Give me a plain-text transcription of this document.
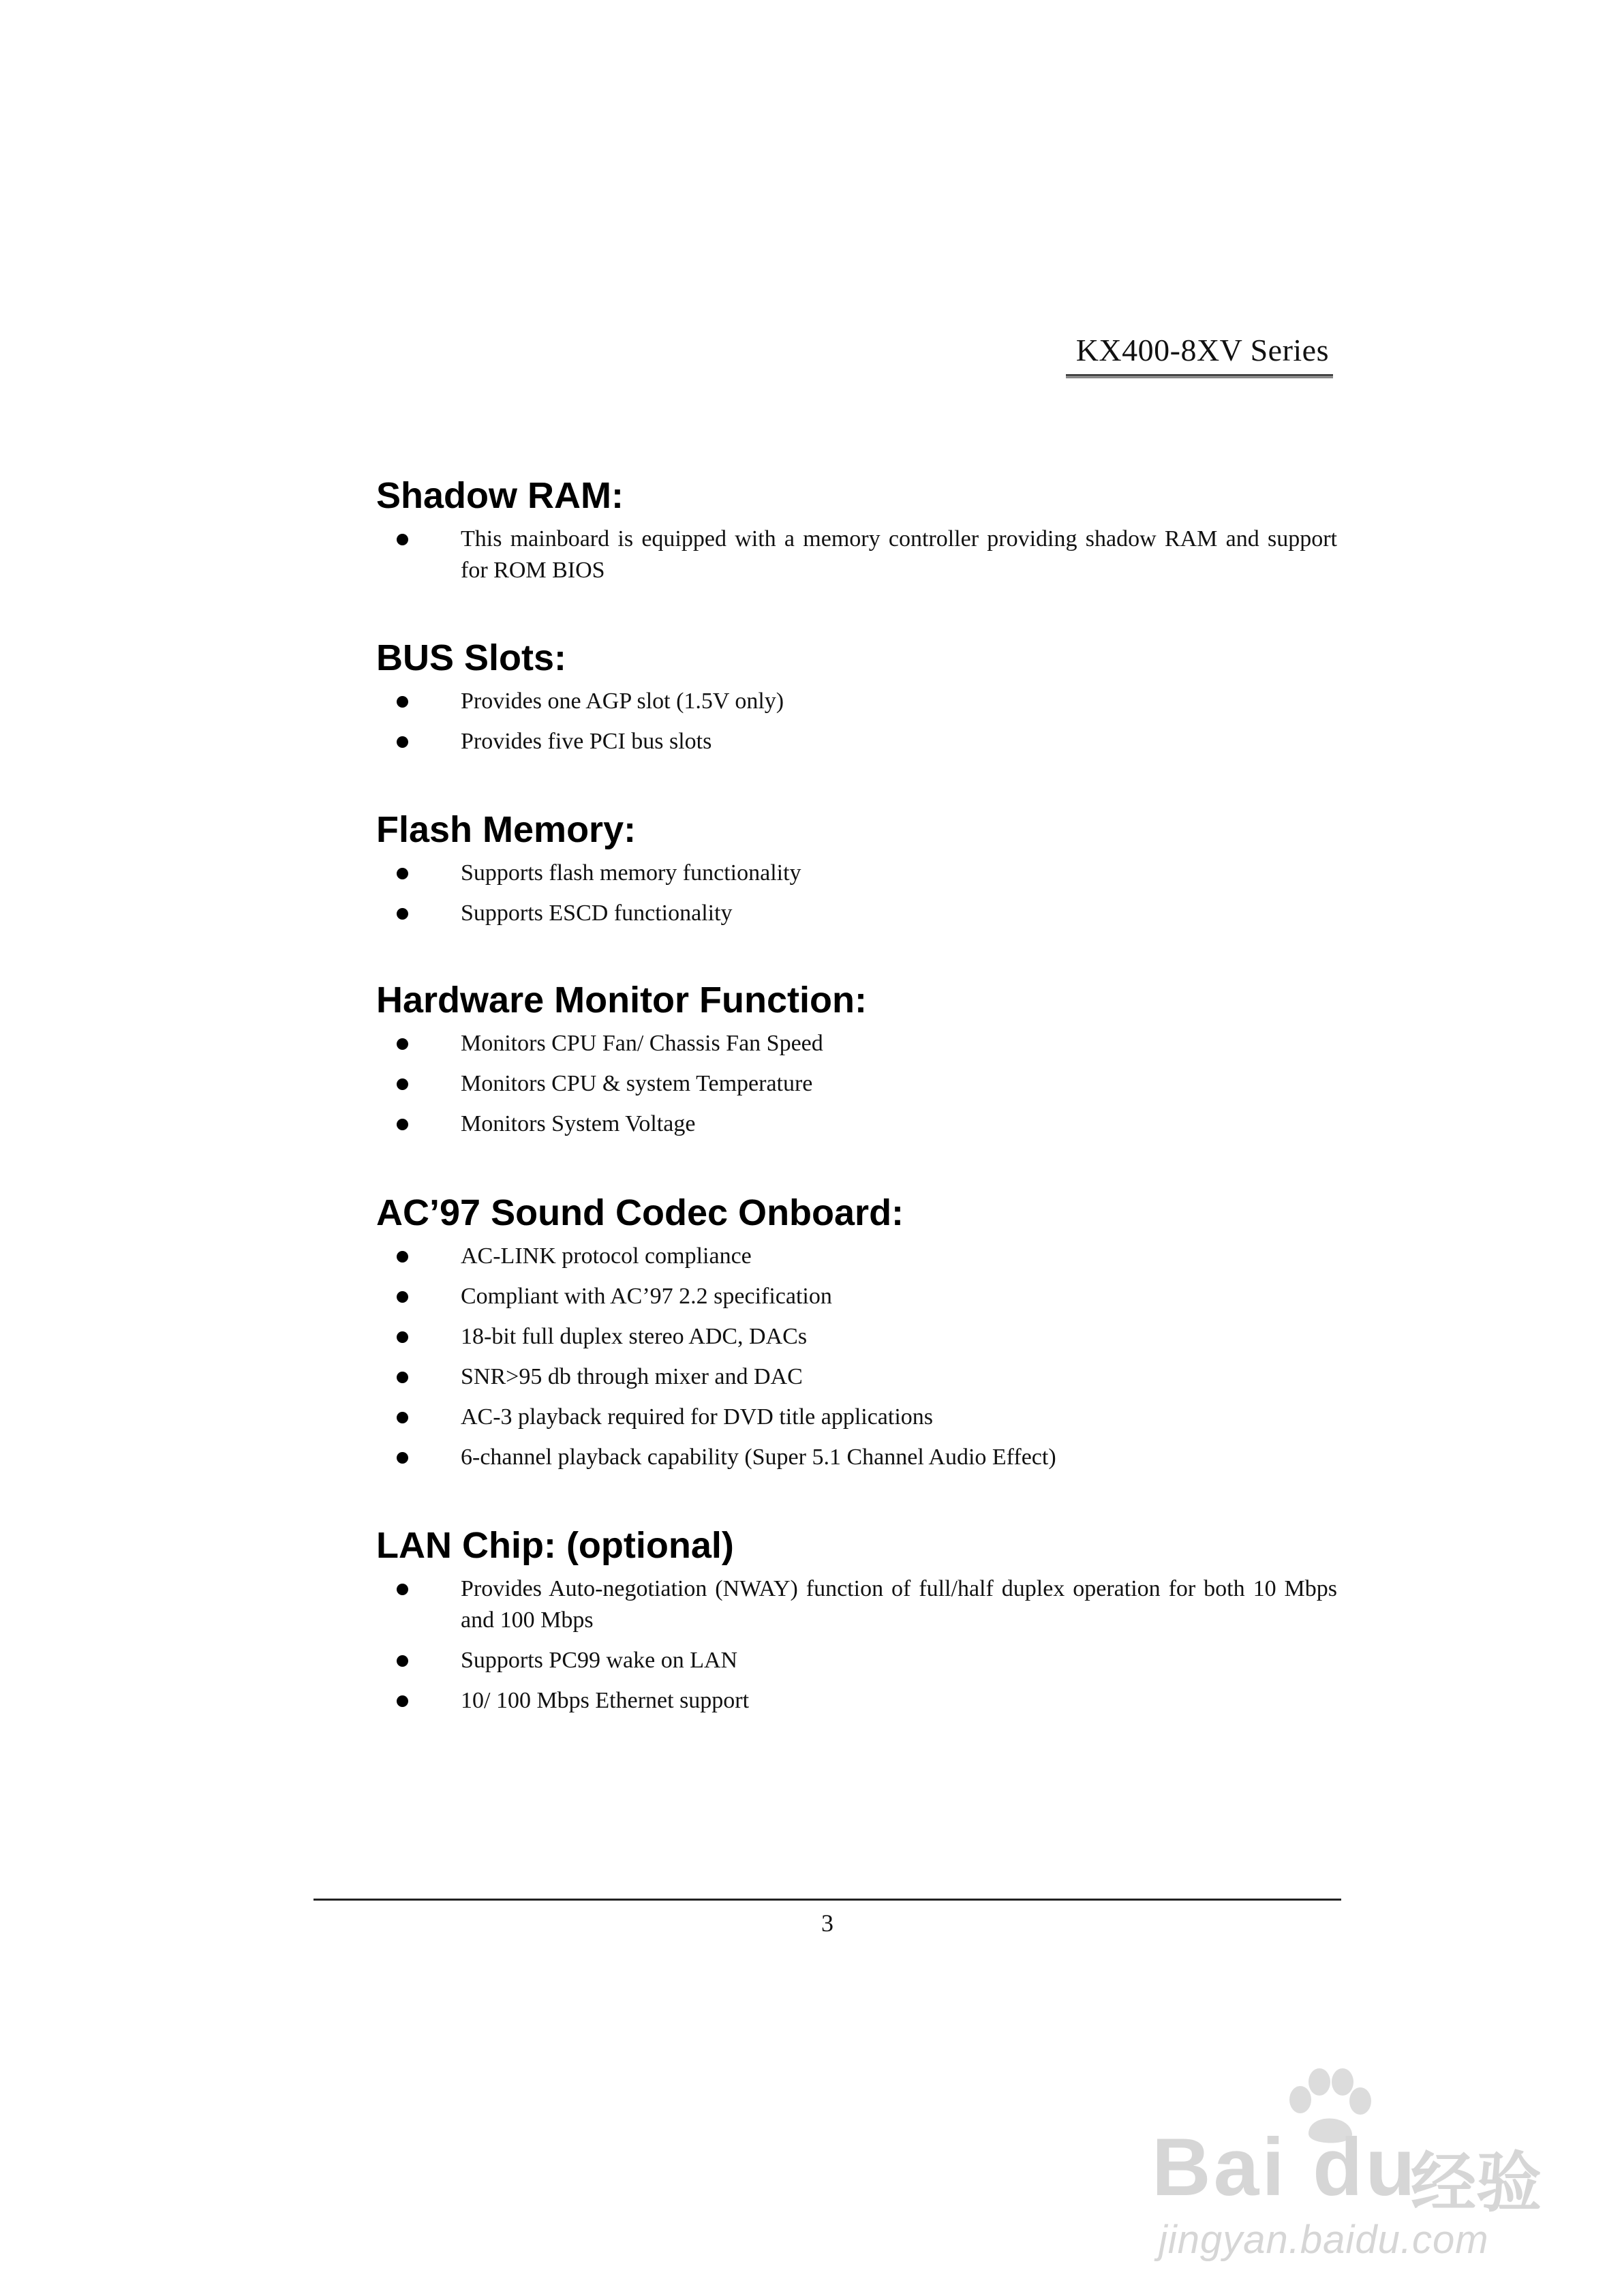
KX400-8XV Series
Shadow RAM:
This mainboard is equipped with a memory controller providing shadow RAM and support for ROM BIOS
BUS Slots:
Provides one AGP slot (1.5V only)
Provides five PCI bus slots
Flash Memory:
Supports flash memory functionality
Supports ESCD functionality
Hardware Monitor Function:
Monitors CPU Fan/ Chassis Fan Speed
Monitors CPU & system Temperature
Monitors System Voltage
AC’97 Sound Codec Onboard:
AC-LINK protocol compliance
Compliant with AC’97 2.2 specification
18-bit full duplex stereo ADC, DACs
SNR>95 db through mixer and DAC
AC-3 playback required for DVD title applications
6-channel playback capability (Super 5.1 Channel Audio Effect)
LAN Chip: (optional)
Provides Auto-negotiation (NWAY) function of full/half duplex operation for both 10 Mbps and 100 Mbps
Supports PC99 wake on LAN
10/ 100 Mbps Ethernet support
3
Bai du
经验
jingyan.baidu.com
